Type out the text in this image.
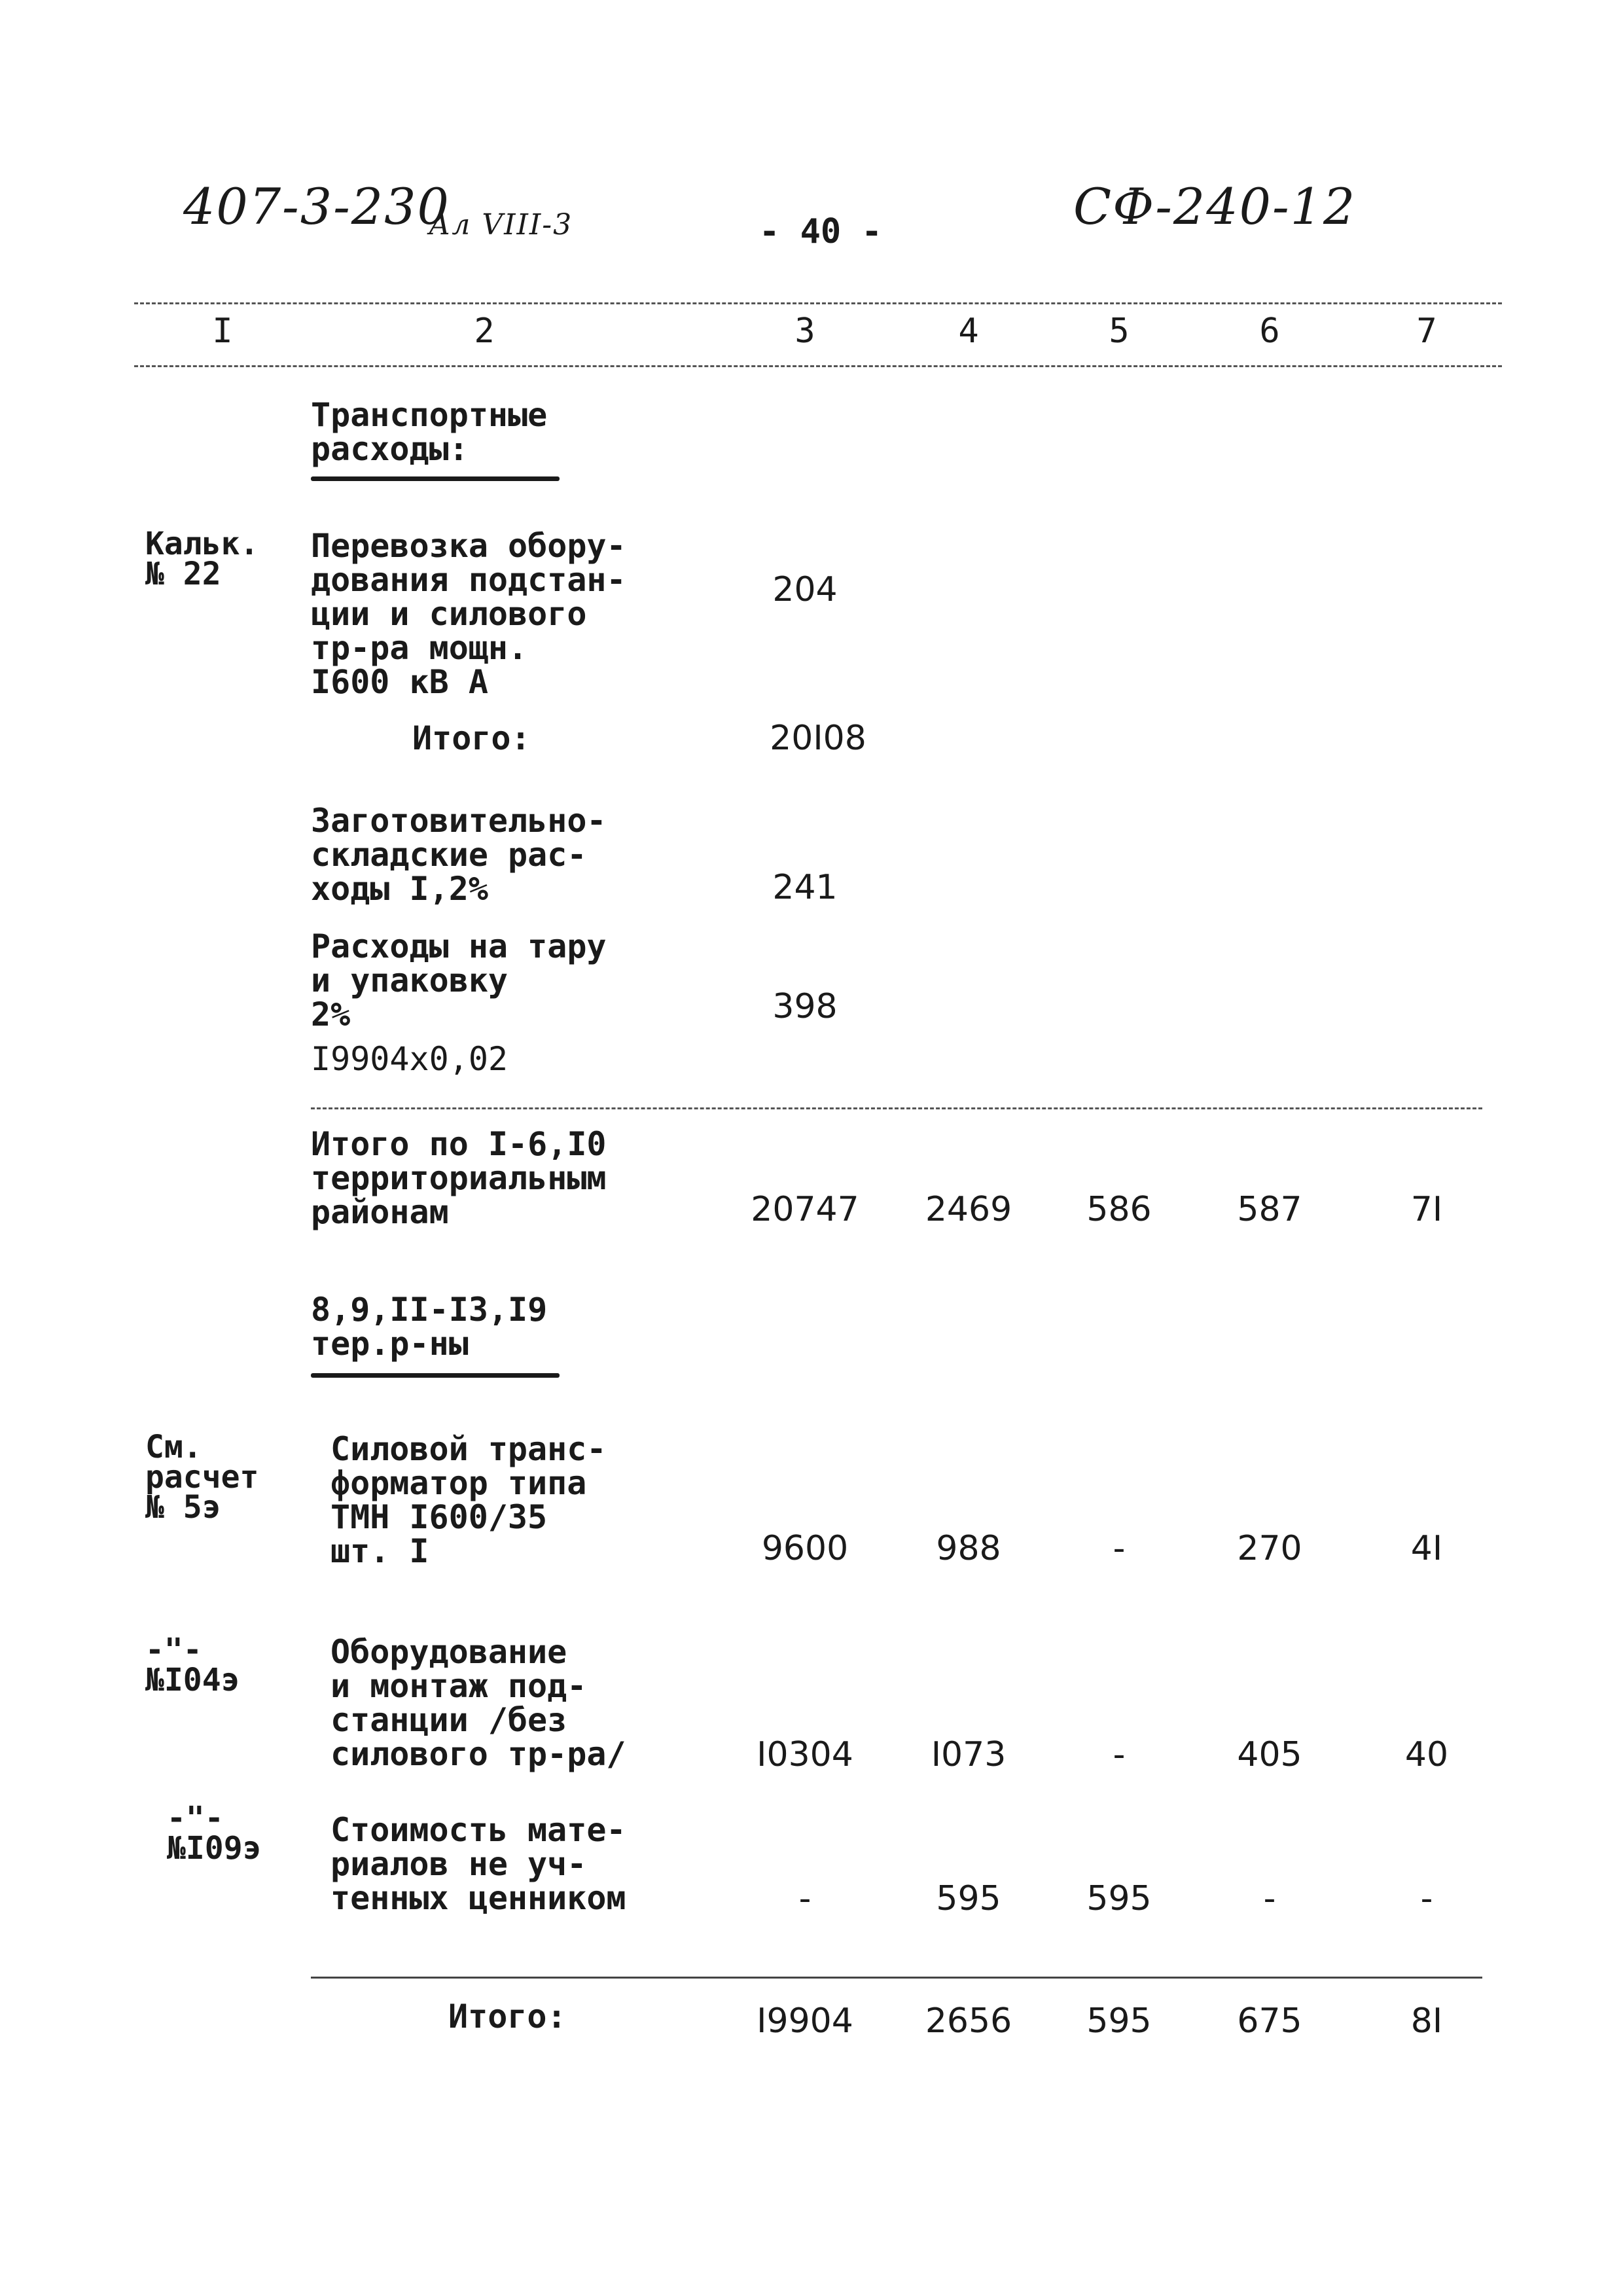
407-3-230
Ал VIII-3	- 40 -	СФ-240-12
I	2	3	4	5	6	7
Транспортные
расходы:
Кальк.
№ 22
Перевозка обору-
дования подстан-
ции и силового
тр-ра мощн.
I600 кВ А
204
Итого:	20I08
Заготовительно-
складские рас-
ходы I,2%	241
Расходы на тару
и упаковку
2%	398
I9904x0,02
Итого по I-6,I0
территориальным
районам	20747	2469	586	587	7I
8,9,II-I3,I9
тер.р-ны
См.
расчет
№ 5э
Силовой транс-
форматор типа
ТМН I600/35
шт. I	9600	988	-	270	4I
-"-
№I04э
Оборудование
и монтаж под-
станции /без
силового тр-ра/	I0304	I073	-	405	40
-"-
№I09э Стоимость мате-
риалов не уч-
тенных ценником	-	595	595	-	-
Итого:	I9904	2656	595	675	8I
